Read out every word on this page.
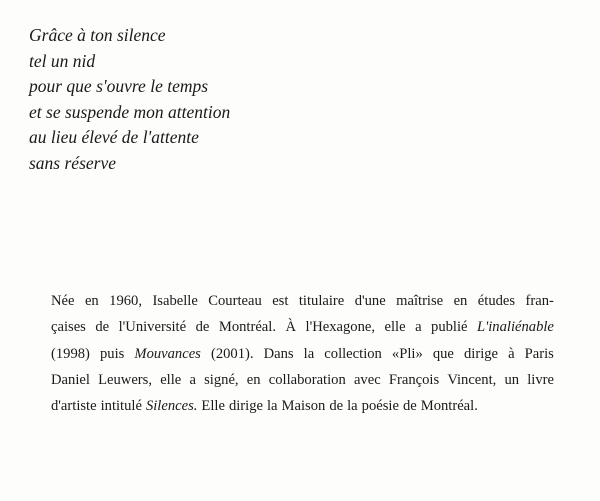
Grâce à ton silence
tel un nid
pour que s'ouvre le temps
et se suspende mon attention
au lieu élevé de l'attente
sans réserve
Née en 1960, Isabelle Courteau est titulaire d'une maîtrise en études fran-
çaises de l'Université de Montréal. À l'Hexagone, elle a publié L'inaliénable
(1998) puis Mouvances (2001). Dans la collection «Pli» que dirige à Paris
Daniel Leuwers, elle a signé, en collaboration avec François Vincent, un livre
d'artiste intitulé Silences. Elle dirige la Maison de la poésie de Montréal.
